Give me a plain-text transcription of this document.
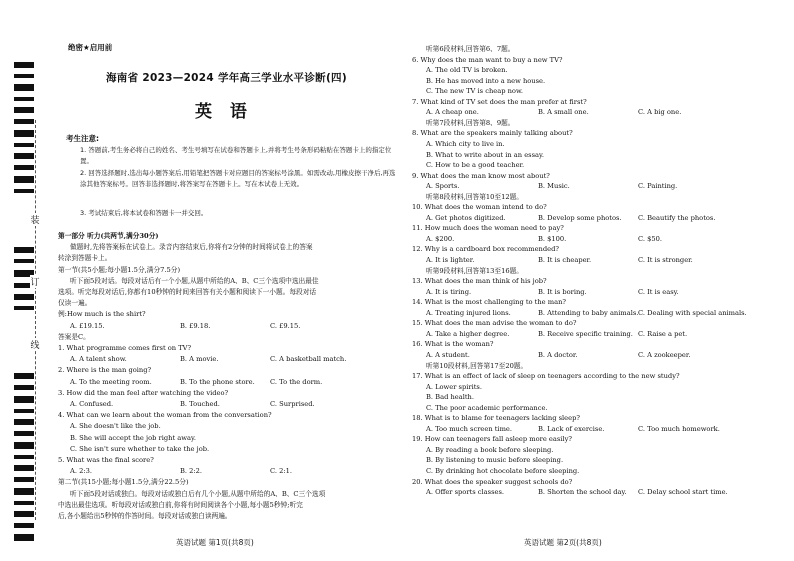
装
订
线
绝密★启用前
海南省 2023—2024 学年高三学业水平诊断(四)
英 语
考生注意:
1. 答题前,考生务必将自己的姓名、考生号填写在试卷和答题卡上,并将考生号条形码粘贴在答题卡上的指定位置。
2. 回答选择题时,选出每小题答案后,用铅笔把答题卡对应题目的答案标号涂黑。如需改动,用橡皮擦干净后,再选涂其他答案标号。回答非选择题时,将答案写在答题卡上。写在本试卷上无效。
3. 考试结束后,将本试卷和答题卡一并交回。
第一部分 听力(共两节,满分30分)
做题时,先将答案标在试卷上。录音内容结束后,你将有2分钟的时间将试卷上的答案
转涂到答题卡上。
第一节(共5小题;每小题1.5分,满分7.5分)
听下面5段对话。每段对话后有一个小题,从题中所给的A、B、C三个选项中选出最佳
选项。听完每段对话后,你都有10秒钟的时间来回答有关小题和阅读下一小题。每段对话
仅读一遍。
例:How much is the shirt?
A. £19.15.	B. £9.18.	C. £9.15.
答案是C。
1. What programme comes first on TV?
A. A talent show.	B. A movie.	C. A basketball match.
2. Where is the man going?
A. To the meeting room.	B. To the phone store. C. To the dorm.
3. How did the man feel after watching the video?
A. Confused.	B. Touched.	C. Surprised.
4. What can we learn about the woman from the conversation?
A. She doesn't like the job.
B. She will accept the job right away.
C. She isn't sure whether to take the job.
5. What was the final score?
A. 2:3.	B. 2:2.	C. 2:1.
第二节(共15小题;每小题1.5分,满分22.5分)
听下面5段对话或独白。每段对话或独白后有几个小题,从题中所给的A、B、C三个选项
中选出最佳选项。听每段对话或独白前,你将有时间阅读各个小题,每小题5秒钟;听完
后,各小题给出5秒钟的作答时间。每段对话或独白读两遍。
英语试题 第1页(共8页)
听第6段材料,回答第6、7题。
6. Why does the man want to buy a new TV?
A. The old TV is broken.
B. He has moved into a new house.
C. The new TV is cheap now.
7. What kind of TV set does the man prefer at first?
A. A cheap one.	B. A small one.	C. A big one.
听第7段材料,回答第8、9题。
8. What are the speakers mainly talking about?
A. Which city to live in.
B. What to write about in an essay.
C. How to be a good teacher.
9. What does the man know most about?
A. Sports.	B. Music.	C. Painting.
听第8段材料,回答第10至12题。
10. What does the woman intend to do?
A. Get photos digitized.	B. Develop some photos. C. Beautify the photos.
11. How much does the woman need to pay?
A. $200.	B. $100.	C. $50.
12. Why is a cardboard box recommended?
A. It is lighter.	B. It is cheaper.	C. It is stronger.
听第9段材料,回答第13至16题。
13. What does the man think of his job?
A. It is tiring.	B. It is boring.	C. It is easy.
14. What is the most challenging to the man?
A. Treating injured lions.	B. Attending to baby animals. C. Dealing with special animals.
15. What does the man advise the woman to do?
A. Take a higher degree.	B. Receive specific training. C. Raise a pet.
16. What is the woman?
A. A student.	B. A doctor.	C. A zookeeper.
听第10段材料,回答第17至20题。
17. What is an effect of lack of sleep on teenagers according to the new study?
A. Lower spirits.
B. Bad health.
C. The poor academic performance.
18. What is to blame for teenagers lacking sleep?
A. Too much screen time.	B. Lack of exercise.	C. Too much homework.
19. How can teenagers fall asleep more easily?
A. By reading a book before sleeping.
B. By listening to music before sleeping.
C. By drinking hot chocolate before sleeping.
20. What does the speaker suggest schools do?
A. Offer sports classes.	B. Shorten the school day. C. Delay school start time.
英语试题 第2页(共8页)
